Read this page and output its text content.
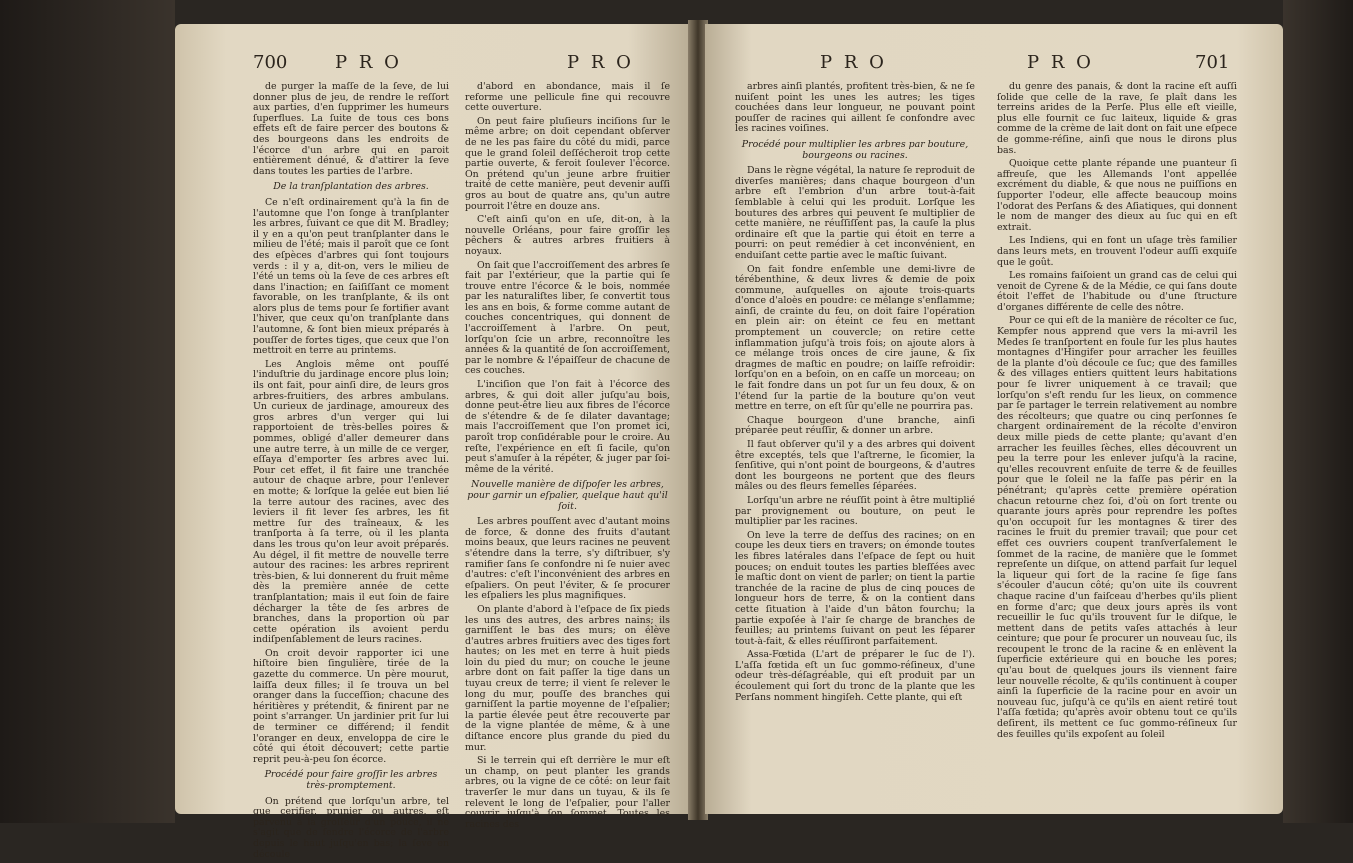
700	P R O	P R O

de purger la maſſe de la ſeve, de lui donner plus de jeu, de rendre le reſſort aux parties, d'en ſupprimer les humeurs ſuperflues. La ſuite de tous ces bons effets eſt de faire percer des boutons & des bourgeons dans les endroits de l'écorce d'un arbre qui en paroit entièrement dénué, & d'attirer la ſeve dans toutes les parties de l'arbre.

De la tranſplantation des arbres.

Ce n'eſt ordinairement qu'à la fin de l'automne que l'on ſonge à tranſplanter les arbres, ſuivant ce que dit M. Bradley; il y en a qu'on peut tranſplanter dans le milieu de l'été; mais il paroît que ce ſont des eſpèces d'arbres qui ſont toujours verds : il y a, dit-on, vers le milieu de l'été un tems où la ſeve de ces arbres eſt dans l'inaction; en ſaiſiſſant ce moment favorable, on les tranſplante, & ils ont alors plus de tems pour ſe fortifier avant l'hiver, que ceux qu'on tranſplante dans l'automne, & ſont bien mieux préparés à pouſſer de fortes tiges, que ceux que l'on mettroit en terre au printems.

Les Anglois même ont pouſſé l'induſtrie du jardinage encore plus loin; ils ont fait, pour ainſi dire, de leurs gros arbres-fruitiers, des arbres ambulans. Un curieux de jardinage, amoureux des gros arbres d'un verger qui lui rapportoient de très-belles poires & pommes, obligé d'aller demeurer dans une autre terre, à un mille de ce verger, eſſaya d'emporter ſes arbres avec lui. Pour cet effet, il fit faire une tranchée autour de chaque arbre, pour l'enlever en motte; & lorſque la gelée eut bien lié la terre autour des racines, avec des leviers il fit lever ſes arbres, les fit mettre ſur des traîneaux, & les tranſporta à ſa terre, où il les planta dans les trous qu'on leur avoit préparés. Au dégel, il fit mettre de nouvelle terre autour des racines: les arbres reprirent très-bien, & lui donnerent du fruit même dès la première année de cette tranſplantation; mais il eut ſoin de faire décharger la tête de ſes arbres de branches, dans la proportion où par cette opération ils avoient perdu indiſpenſablement de leurs racines.

On croit devoir rapporter ici une hiſtoire bien ſingulière, tirée de la gazette du commerce. Un père mourut, laiſſa deux filles; il ſe trouva un bel oranger dans la ſucceſſion; chacune des héritières y prétendit, & finirent par ne point s'arranger. Un jardinier prit ſur lui de terminer ce différend; il fendit l'oranger en deux, enveloppa de cire le côté qui étoit découvert; cette partie reprit peu-à-peu ſon écorce.

Procédé pour faire groſſir les arbres très-promptement.

On prétend que lorſqu'un arbre, tel que cerifier, prunier ou autres, eſt parvenu à la groſſeur d'un pouce, il ne s'agit que de fendre l'écorce de l'arbre depuis le haut juſqu'en bas; la ſeve en découle

d'abord en abondance, mais il ſe reforme une pellicule fine qui recouvre cette ouverture.

On peut faire pluſieurs inciſions ſur le même arbre; on doit cependant obſerver de ne les pas faire du côté du midi, parce que le grand ſoleil deſſécheroit trop cette partie ouverte, & feroit ſoulever l'écorce. On prétend qu'un jeune arbre fruitier traité de cette manière, peut devenir auſſi gros au bout de quatre ans, qu'un autre pourroit l'être en douze ans.

C'eſt ainſi qu'on en uſe, dit-on, à la nouvelle Orléans, pour faire groſſir les pêchers & autres arbres fruitiers à noyaux.

On ſait que l'accroiſſement des arbres ſe fait par l'extérieur, que la partie qui ſe trouve entre l'écorce & le bois, nommée par les naturaliſtes liber, ſe convertit tous les ans en bois, & forme comme autant de couches concentriques, qui donnent de l'accroiſſement à l'arbre. On peut, lorſqu'on ſcie un arbre, reconnoître les années & la quantité de ſon accroiſſement, par le nombre & l'épaiſſeur de chacune de ces couches.

L'inciſion que l'on fait à l'écorce des arbres, & qui doit aller juſqu'au bois, donne peut-être lieu aux fibres de l'écorce de s'étendre & de ſe dilater davantage; mais l'accroiſſement que l'on promet ici, paroît trop conſidérable pour le croire. Au reſte, l'expérience en eſt ſi facile, qu'on peut s'amuſer à la répéter, & juger par ſoi-même de la vérité.

Nouvelle manière de diſpoſer les arbres, pour garnir un eſpalier, quelque haut qu'il ſoit.

Les arbres pouſſent avec d'autant moins de force, & donne des fruits d'autant moins beaux, que leurs racines ne peuvent s'étendre dans la terre, s'y diſtribuer, s'y ramifier ſans ſe confondre ni ſe nuier avec d'autres: c'eſt l'inconvénient des arbres en eſpaliers. On peut l'éviter, & ſe procurer les eſpaliers les plus magnifiques.

On plante d'abord à l'eſpace de ſix pieds les uns des autres, des arbres nains; ils garniſſent le bas des murs; on élève d'autres arbres fruitiers avec des tiges fort hautes; on les met en terre à huit pieds loin du pied du mur; on couche le jeune arbre dont on fait paſſer la tige dans un tuyau creux de terre; il vient ſe relever le long du mur, pouſſe des branches qui garniſſent la partie moyenne de l'eſpalier; la partie élevée peut être recouverte par de la vigne plantée de même, & à une diſtance encore plus grande du pied du mur.

Si le terrein qui eſt derrière le mur eſt un champ, on peut planter les grands arbres, ou la vigne de ce côté: on leur fait traverſer le mur dans un tuyau, & ils ſe relevent le long de l'eſpalier, pour l'aller couvrir juſqu'à ſon ſommet. Toutes les racines des

P R O	P R O	701

arbres ainſi plantés, profitent très-bien, & ne ſe nuiſent point les unes les autres; les tiges couchées dans leur longueur, ne pouvant point pouſſer de racines qui aillent ſe confondre avec les racines voiſines.

Procédé pour multiplier les arbres par bouture, bourgeons ou racines.

Dans le règne végétal, la nature ſe reproduit de diverſes manières; dans chaque bourgeon d'un arbre eſt l'embrion d'un arbre tout-à-fait ſemblable à celui qui les produit. Lorſque les boutures des arbres qui peuvent ſe multiplier de cette manière, ne réuſſiſſent pas, la cauſe la plus ordinaire eſt que la partie qui étoit en terre a pourri: on peut remédier à cet inconvénient, en enduiſant cette partie avec le maſtic ſuivant.

On fait fondre enſemble une demi-livre de térébenthine, & deux livres & demie de poix commune, auſquelles on ajoute trois-quarts d'once d'aloès en poudre: ce mélange s'enflamme; ainſi, de crainte du feu, on doit faire l'opération en plein air: on éteint ce feu en mettant promptement un couvercle; on retire cette inflammation juſqu'à trois fois; on ajoute alors à ce mélange trois onces de cire jaune, & ſix dragmes de maſtic en poudre; on laiſſe refroidir: lorſqu'on en a beſoin, on en caſſe un morceau; on le fait fondre dans un pot ſur un feu doux, & on l'étend ſur la partie de la bouture qu'on veut mettre en terre, on eſt ſûr qu'elle ne pourrira pas.

Chaque bourgeon d'une branche, ainſi préparée peut réuſſir, & donner un arbre.

Il faut obſerver qu'il y a des arbres qui doivent être exceptés, tels que l'aſtrerne, le ſicomier, la ſenſitive, qui n'ont point de bourgeons, & d'autres dont les bourgeons ne portent que des fleurs mâles ou des fleurs femelles ſéparées.

Lorſqu'un arbre ne réuſſit point à être multiplié par provignement ou bouture, on peut le multiplier par les racines.

On leve la terre de deſſus des racines; on en coupe les deux tiers en travers; on émonde toutes les fibres latérales dans l'eſpace de ſept ou huit pouces; on enduit toutes les parties bleſſées avec le maſtic dont on vient de parler; on tient la partie tranchée de la racine de plus de cinq pouces de longueur hors de terre, & on la contient dans cette ſituation à l'aide d'un bâton fourchu; la partie expoſée à l'air ſe charge de branches de feuilles; au printems ſuivant on peut les ſéparer tout-à-fait, & elles réuſſiront parfaitement.

Assa-Fœtida (L'art de préparer le ſuc de l'). L'aſſa fœtida eſt un ſuc gommo-réſineux, d'une odeur très-déſagréable, qui eſt produit par un écoulement qui ſort du tronc de la plante que les Perſans nomment hingiſeh. Cette plante, qui eſt

du genre des panais, & dont la racine eſt auſſi ſolide que celle de la rave, ſe plaît dans les terreins arides de la Perſe. Plus elle eſt vieille, plus elle fournit ce ſuc laiteux, liquide & gras comme de la crème de lait dont on fait une eſpece de gomme-réſine, ainſi que nous le dirons plus bas.

Quoique cette plante répande une puanteur ſi affreuſe, que les Allemands l'ont appellée excrément du diable, & que nous ne puiſſions en ſupporter l'odeur, elle affecte beaucoup moins l'odorat des Perſans & des Aſiatiques, qui donnent le nom de manger des dieux au ſuc qui en eſt extrait.

Les Indiens, qui en font un uſage très familier dans leurs mets, en trouvent l'odeur auſſi exquiſe que le goût.

Les romains faiſoient un grand cas de celui qui venoit de Cyrene & de la Médie, ce qui ſans doute étoit l'effet de l'habitude ou d'une ſtructure d'organes différente de celle des nôtre.

Pour ce qui eſt de la manière de récolter ce ſuc, Kempfer nous apprend que vers la mi-avril les Medes ſe tranſportent en foule ſur les plus hautes montagnes d'Hingifer pour arracher les feuilles de la plante d'où découle ce ſuc; que des familles & des villages entiers quittent leurs habitations pour ſe livrer uniquement à ce travail; que lorſqu'on s'eſt rendu ſur les lieux, on commence par ſe partager le terrein relativement au nombre des récolteurs; que quatre ou cinq perſonnes ſe chargent ordinairement de la récolte d'environ deux mille pieds de cette plante; qu'avant d'en arracher les feuilles ſèches, elles découvrent un peu la terre pour les enlever juſqu'à la racine, qu'elles recouvrent enſuite de terre & de feuilles pour que le ſoleil ne la faſſe pas périr en la pénétrant; qu'après cette première opération chacun retourne chez ſoi, d'où on ſort trente ou quarante jours après pour reprendre les poſtes qu'on occupoit ſur les montagnes & tirer des racines le fruit du premier travail; que pour cet effet ces ouvriers coupent tranſverſalement le ſommet de la racine, de manière que le ſommet repreſente un diſque, on attend parfait ſur lequel la liqueur qui ſort de la racine ſe ſige ſans s'écouler d'aucun côté; qu'on uite ils couvrent chaque racine d'un faiſceau d'herbes qu'ils plient en forme d'arc; que deux jours après ils vont recueillir le ſuc qu'ils trouvent ſur le diſque, le mettent dans de petits vaſes attachés à leur ceinture; que pour ſe procurer un nouveau ſuc, ils recoupent le tronc de la racine & en enlèvent la ſuperficie extérieure qui en bouche les pores; qu'au bout de quelques jours ils viennent faire leur nouvelle récolte, & qu'ils continuent à couper ainſi la ſuperficie de la racine pour en avoir un nouveau ſuc, juſqu'à ce qu'ils en aient retiré tout l'aſſa fœtida; qu'après avoir obtenu tout ce qu'ils deſirent, ils mettent ce ſuc gommo-réſineux ſur des feuilles qu'ils expoſent au ſoleil
